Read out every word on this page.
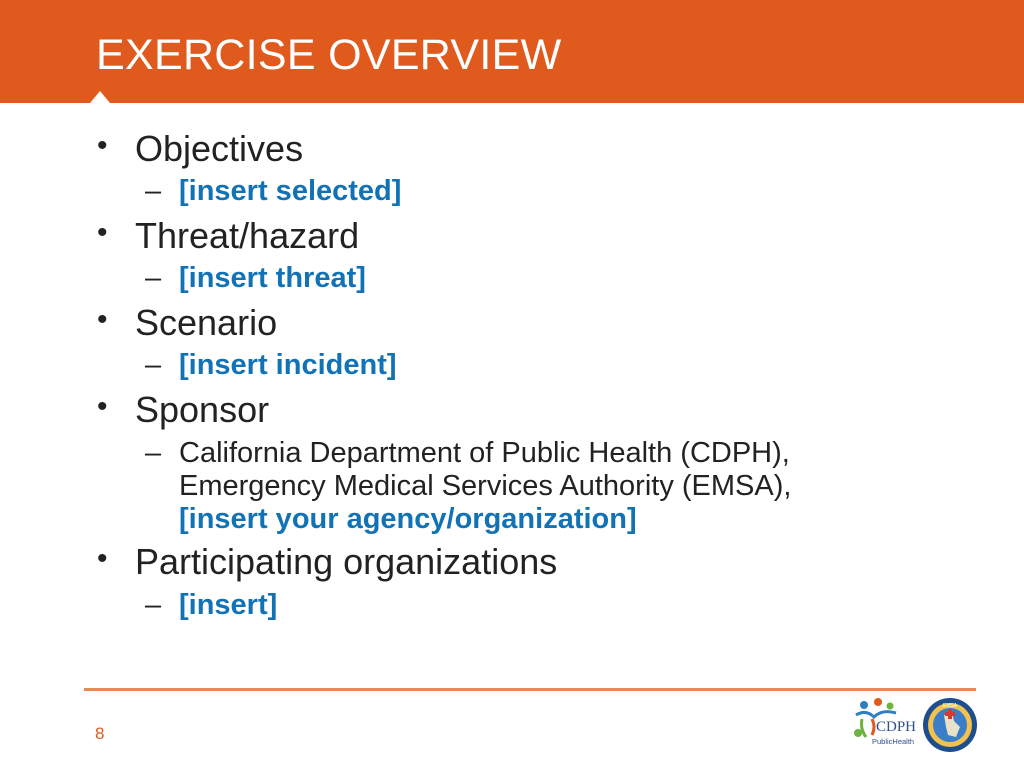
EXERCISE OVERVIEW
• Objectives
– [insert selected]
• Threat/hazard
– [insert threat]
• Scenario
– [insert incident]
• Sponsor
– California Department of Public Health (CDPH),
Emergency Medical Services Authority (EMSA),
[insert your agency/organization]
• Participating organizations
– [insert]
8	CDPH
PublicHealth
EMSA
